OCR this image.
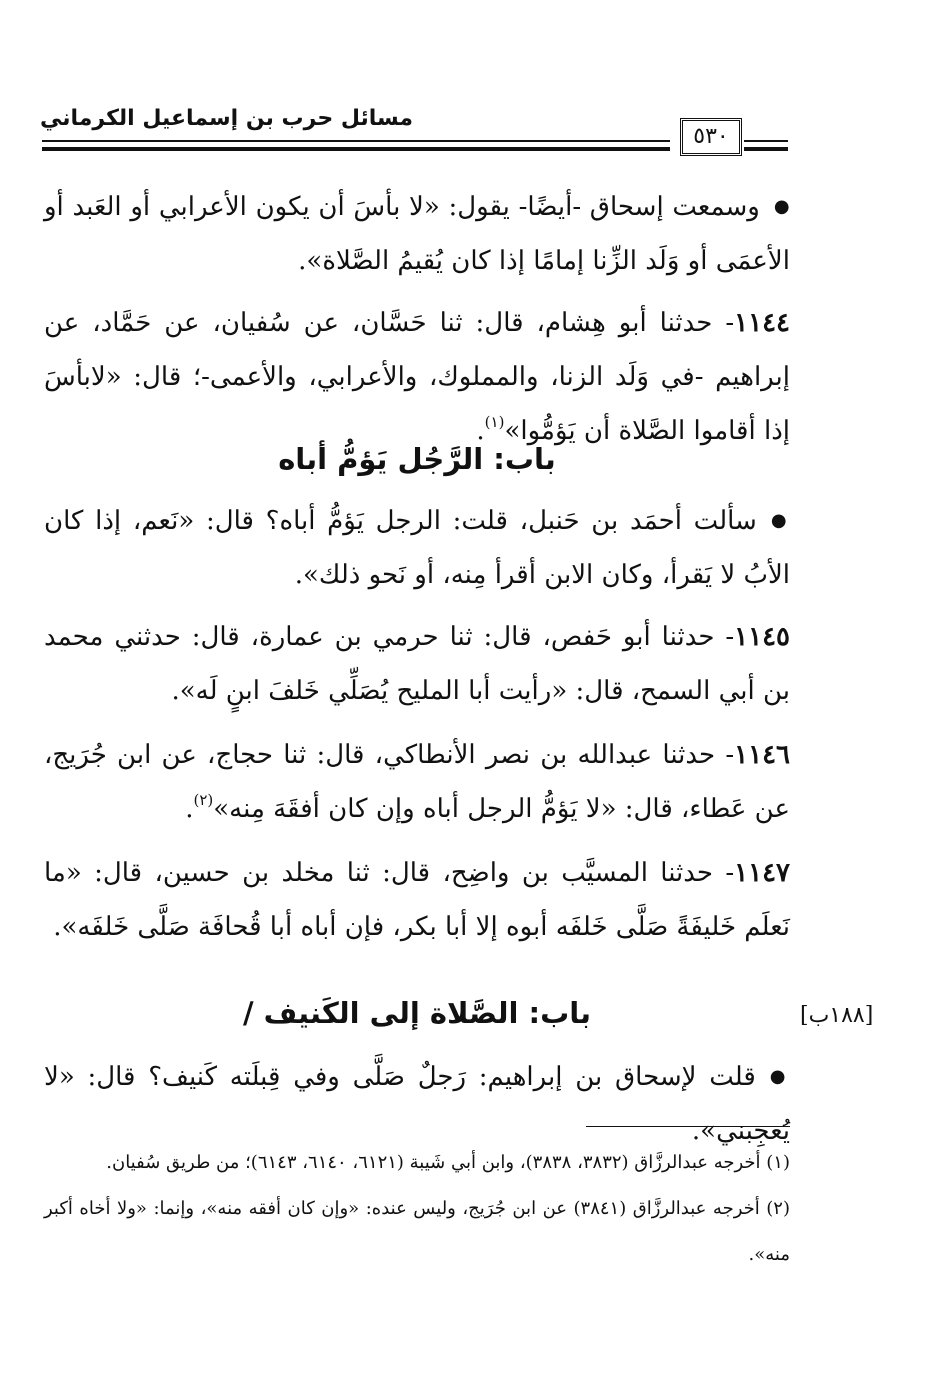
مسائل حرب بن إسماعيل الكرماني
٥٣٠
● وسمعت إسحاق -أيضًا- يقول: «لا بأسَ أن يكون الأعرابي أو العَبد أو الأعمَى أو وَلَد الزِّنا إمامًا إذا كان يُقيمُ الصَّلاة».
١١٤٤- حدثنا أبو هِشام، قال: ثنا حَسَّان، عن سُفيان، عن حَمَّاد، عن إبراهيم -في وَلَد الزنا، والمملوك، والأعرابي، والأعمى-؛ قال: «لابأسَ إذا أقاموا الصَّلاة أن يَؤمُّوا»$^{(١)}$.
باب: الرَّجُل يَؤمُّ أباه
● سألت أحمَد بن حَنبل، قلت: الرجل يَؤمُّ أباه؟ قال: «نَعم، إذا كان الأبُ لا يَقرأ، وكان الابن أقرأ مِنه، أو نَحو ذلك».
١١٤٥- حدثنا أبو حَفص، قال: ثنا حرمي بن عمارة، قال: حدثني محمد بن أبي السمح، قال: «رأيت أبا المليح يُصَلِّي خَلفَ ابنٍ لَه».
١١٤٦- حدثنا عبدالله بن نصر الأنطاكي، قال: ثنا حجاج، عن ابن جُرَيج، عن عَطاء، قال: «لا يَؤمُّ الرجل أباه وإن كان أفقَهَ مِنه»$^{(٢)}$.
١١٤٧- حدثنا المسيَّب بن واضِح، قال: ثنا مخلد بن حسين، قال: «ما نَعلَم خَليفَةً صَلَّى خَلفَه أبوه إلا أبا بكر، فإن أباه أبا قُحافَة صَلَّى خَلفَه».
باب: الصَّلاة إلى الكَنيف /	[١٨٨ب]
● قلت لإسحاق بن إبراهيم: رَجلٌ صَلَّى وفي قِبلَته كَنيف؟ قال: «لا يُعجِبني».
(١) أخرجه عبدالرزَّاق (٣٨٣٢، ٣٨٣٨)، وابن أبي شَيبة (٦١٢١، ٦١٤٠، ٦١٤٣)؛ من طريق سُفيان.
(٢) أخرجه عبدالرزَّاق (٣٨٤١) عن ابن جُرَيج، وليس عنده: «وإن كان أفقه منه»، وإنما: «ولا أخاه أكبر منه».
